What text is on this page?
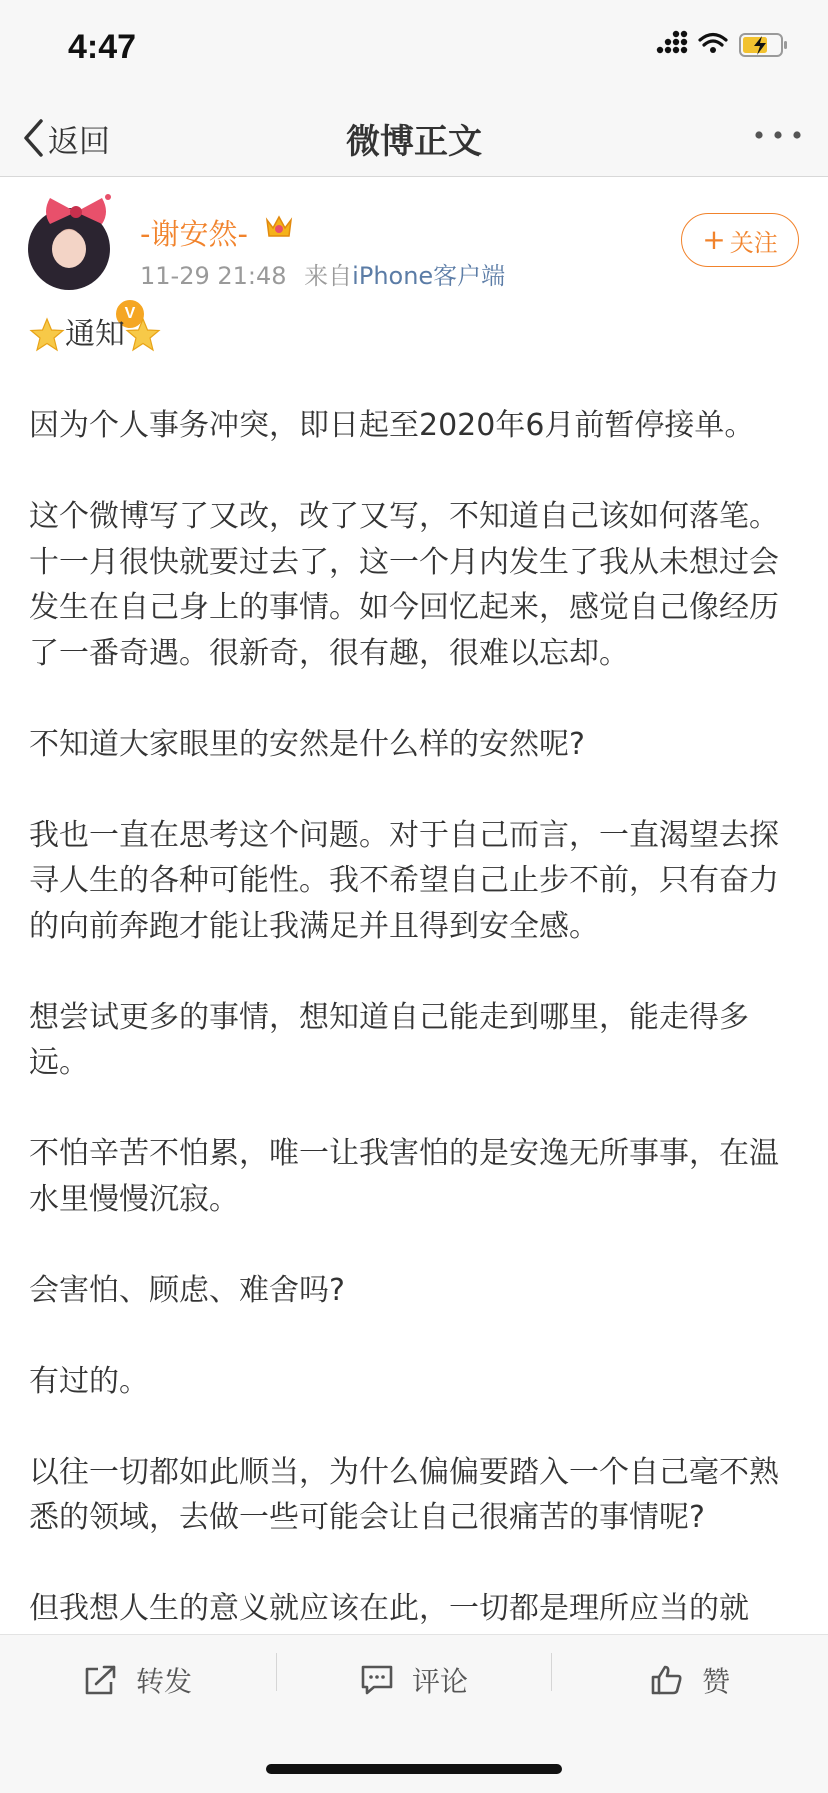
4:47
返回	微博正文
V
-谢安然-
11-29 21:48 来自iPhone客户端
+ 关注

通知

因为个人事务冲突，即日起至2020年6月前暂停接单。

这个微博写了又改，改了又写，不知道自己该如何落笔。十一月很快就要过去了，这一个月内发生了我从未想过会发生在自己身上的事情。如今回忆起来，感觉自己像经历了一番奇遇。很新奇，很有趣，很难以忘却。

不知道大家眼里的安然是什么样的安然呢?

我也一直在思考这个问题。对于自己而言，一直渴望去探寻人生的各种可能性。我不希望自己止步不前，只有奋力的向前奔跑才能让我满足并且得到安全感。

想尝试更多的事情，想知道自己能走到哪里，能走得多远。

不怕辛苦不怕累，唯一让我害怕的是安逸无所事事，在温水里慢慢沉寂。

会害怕、顾虑、难舍吗?

有过的。

以往一切都如此顺当，为什么偏偏要踏入一个自己毫不熟悉的领域，去做一些可能会让自己很痛苦的事情呢?

但我想人生的意义就应该在此，一切都是理所应当的就

转发	评论	赞
